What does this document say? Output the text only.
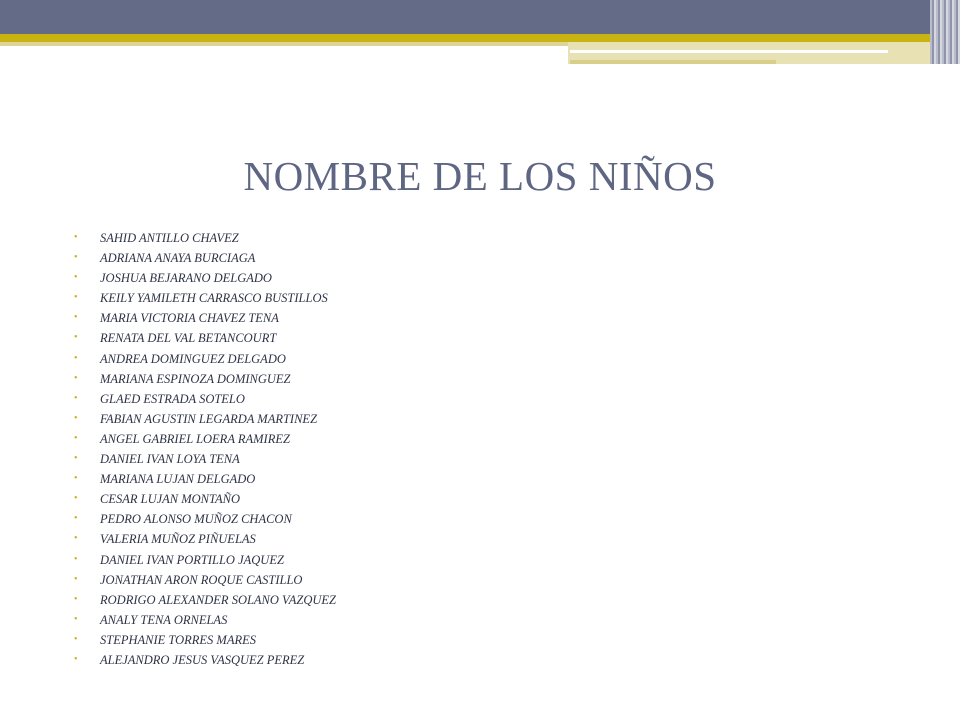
NOMBRE DE LOS NIÑOS
• SAHID ANTILLO CHAVEZ
• ADRIANA ANAYA BURCIAGA
• JOSHUA BEJARANO DELGADO
• KEILY YAMILETH CARRASCO BUSTILLOS
• MARIA VICTORIA CHAVEZ TENA
• RENATA DEL VAL BETANCOURT
• ANDREA DOMINGUEZ DELGADO
• MARIANA ESPINOZA DOMINGUEZ
• GLAED ESTRADA SOTELO
• FABIAN AGUSTIN LEGARDA MARTINEZ
• ANGEL GABRIEL LOERA RAMIREZ
• DANIEL IVAN LOYA TENA
• MARIANA LUJAN DELGADO
• CESAR LUJAN MONTAÑO
• PEDRO ALONSO MUÑOZ CHACON
• VALERIA MUÑOZ PIÑUELAS
• DANIEL IVAN PORTILLO JAQUEZ
• JONATHAN ARON ROQUE CASTILLO
• RODRIGO ALEXANDER SOLANO VAZQUEZ
• ANALY TENA ORNELAS
• STEPHANIE TORRES MARES
• ALEJANDRO JESUS VASQUEZ PEREZ
